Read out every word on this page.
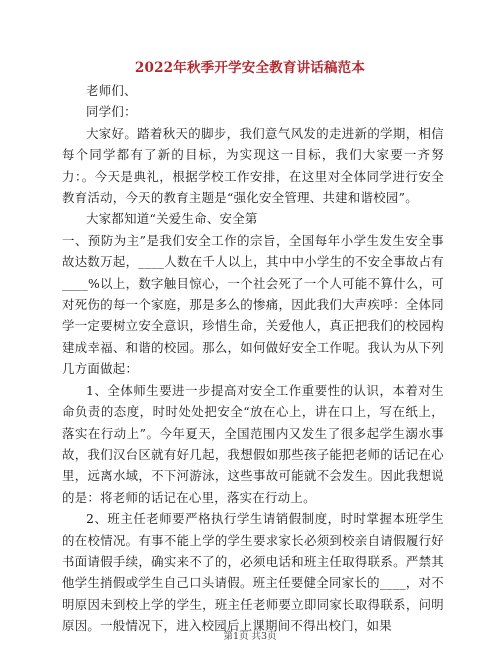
2022年秋季开学安全教育讲话稿范本

老师们、

同学们：

大家好。踏着秋天的脚步，我们意气风发的走进新的学期，相信每个同学都有了新的目标，为实现这一目标，我们大家要一齐努力：。今天是典礼，根据学校工作安排，在这里对全体同学进行安全教育活动，今天的教育主题是“强化安全管理、共建和谐校园”。

大家都知道“关爱生命、安全第

一、预防为主”是我们安全工作的宗旨，全国每年小学生发生安全事故达数万起，____人数在千人以上，其中中小学生的不安全事故占有____%以上，数字触目惊心，一个社会死了一个人可能不算什么，可对死伤的每一个家庭，那是多么的惨痛，因此我们大声疾呼：全体同学一定要树立安全意识，珍惜生命，关爱他人，真正把我们的校园构建成幸福、和谐的校园。那么，如何做好安全工作呢。我认为从下列几方面做起：

1、全体师生要进一步提高对安全工作重要性的认识，本着对生命负责的态度，时时处处把安全“放在心上，讲在口上，写在纸上，落实在行动上”。今年夏天，全国范围内又发生了很多起学生溺水事故，我们汉台区就有好几起，我想假如那些孩子能把老师的话记在心里，远离水域，不下河游泳，这些事故可能就不会发生。因此我想说的是：将老师的话记在心里，落实在行动上。

2、班主任老师要严格执行学生请销假制度，时时掌握本班学生的在校情况。有事不能上学的学生要求家长必须到校亲自请假履行好书面请假手续，确实来不了的，必须电话和班主任取得联系。严禁其他学生捎假或学生自己口头请假。班主任要健全同家长的____，对不明原因未到校上学的学生，班主任老师要立即同家长取得联系，问明原因。一般情况下，进入校园后上课期间不得出校门，如果

第1页 共3页
